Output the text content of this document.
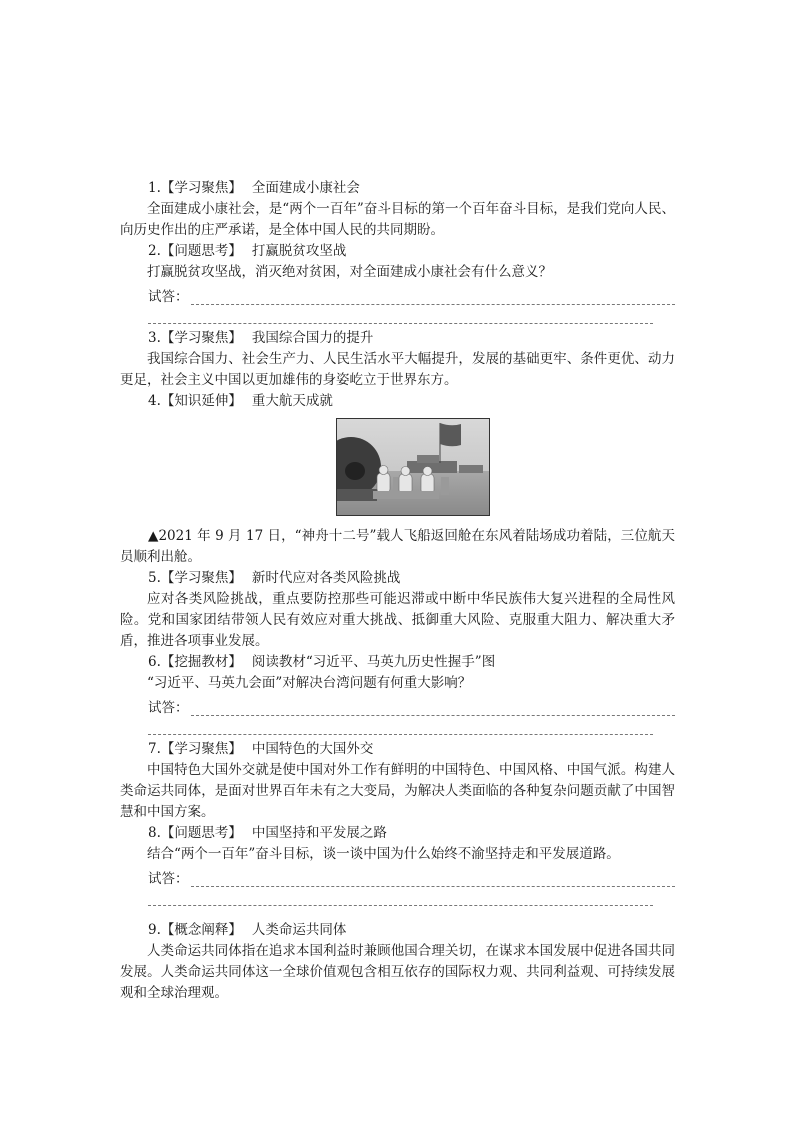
1.【学习聚焦】 全面建成小康社会

全面建成小康社会，是“两个一百年”奋斗目标的第一个百年奋斗目标，是我们党向人民、向历史作出的庄严承诺，是全体中国人民的共同期盼。

2.【问题思考】 打赢脱贫攻坚战

打赢脱贫攻坚战，消灭绝对贫困，对全面建成小康社会有什么意义？

试答：
3.【学习聚焦】 我国综合国力的提升

我国综合国力、社会生产力、人民生活水平大幅提升，发展的基础更牢、条件更优、动力更足，社会主义中国以更加雄伟的身姿屹立于世界东方。

4.【知识延伸】 重大航天成就

▲2021 年 9 月 17 日，“神舟十二号”载人飞船返回舱在东风着陆场成功着陆，三位航天员顺利出舱。

5.【学习聚焦】 新时代应对各类风险挑战

应对各类风险挑战，重点要防控那些可能迟滞或中断中华民族伟大复兴进程的全局性风险。党和国家团结带领人民有效应对重大挑战、抵御重大风险、克服重大阻力、解决重大矛盾，推进各项事业发展。

6.【挖掘教材】 阅读教材“习近平、马英九历史性握手”图

“习近平、马英九会面”对解决台湾问题有何重大影响？

试答：
7.【学习聚焦】 中国特色的大国外交

中国特色大国外交就是使中国对外工作有鲜明的中国特色、中国风格、中国气派。构建人类命运共同体，是面对世界百年未有之大变局，为解决人类面临的各种复杂问题贡献了中国智慧和中国方案。

8.【问题思考】 中国坚持和平发展之路

结合“两个一百年”奋斗目标，谈一谈中国为什么始终不渝坚持走和平发展道路。

试答：
9.【概念阐释】 人类命运共同体

人类命运共同体指在追求本国利益时兼顾他国合理关切，在谋求本国发展中促进各国共同发展。人类命运共同体这一全球价值观包含相互依存的国际权力观、共同利益观、可持续发展观和全球治理观。
